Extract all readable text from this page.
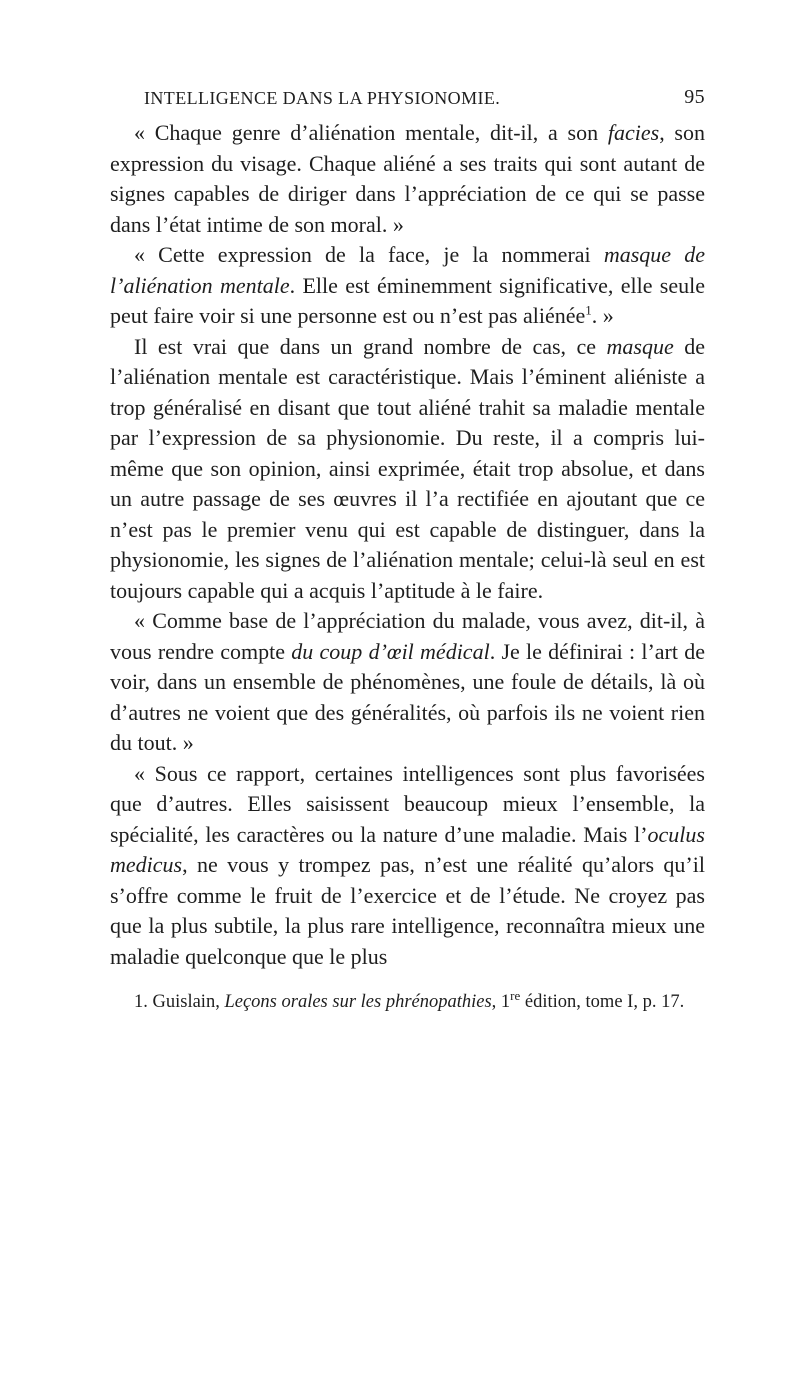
INTELLIGENCE DANS LA PHYSIONOMIE.	95

« Chaque genre d’aliénation mentale, dit-il, a son facies, son expression du visage. Chaque aliéné a ses traits qui sont autant de signes capables de diriger dans l’appréciation de ce qui se passe dans l’état intime de son moral. »

« Cette expression de la face, je la nommerai masque de l’aliénation mentale. Elle est éminemment significative, elle seule peut faire voir si une personne est ou n’est pas aliénée$^1$. »

Il est vrai que dans un grand nombre de cas, ce masque de l’aliénation mentale est caractéristique. Mais l’éminent aliéniste a trop généralisé en disant que tout aliéné trahit sa maladie mentale par l’expression de sa physionomie. Du reste, il a compris lui-même que son opinion, ainsi exprimée, était trop absolue, et dans un autre passage de ses œuvres il l’a rectifiée en ajoutant que ce n’est pas le premier venu qui est capable de distinguer, dans la physionomie, les signes de l’aliénation mentale; celui-là seul en est toujours capable qui a acquis l’aptitude à le faire.

« Comme base de l’appréciation du malade, vous avez, dit-il, à vous rendre compte du coup d’œil médical. Je le définirai : l’art de voir, dans un ensemble de phénomènes, une foule de détails, là où d’autres ne voient que des généralités, où parfois ils ne voient rien du tout. »

« Sous ce rapport, certaines intelligences sont plus favorisées que d’autres. Elles saisissent beaucoup mieux l’ensemble, la spécialité, les caractères ou la nature d’une maladie. Mais l’oculus medicus, ne vous y trompez pas, n’est une réalité qu’alors qu’il s’offre comme le fruit de l’exercice et de l’étude. Ne croyez pas que la plus subtile, la plus rare intelligence, reconnaîtra mieux une maladie quelconque que le plus

1. Guislain, Leçons orales sur les phrénopathies, 1re édition, tome I, p. 17.
